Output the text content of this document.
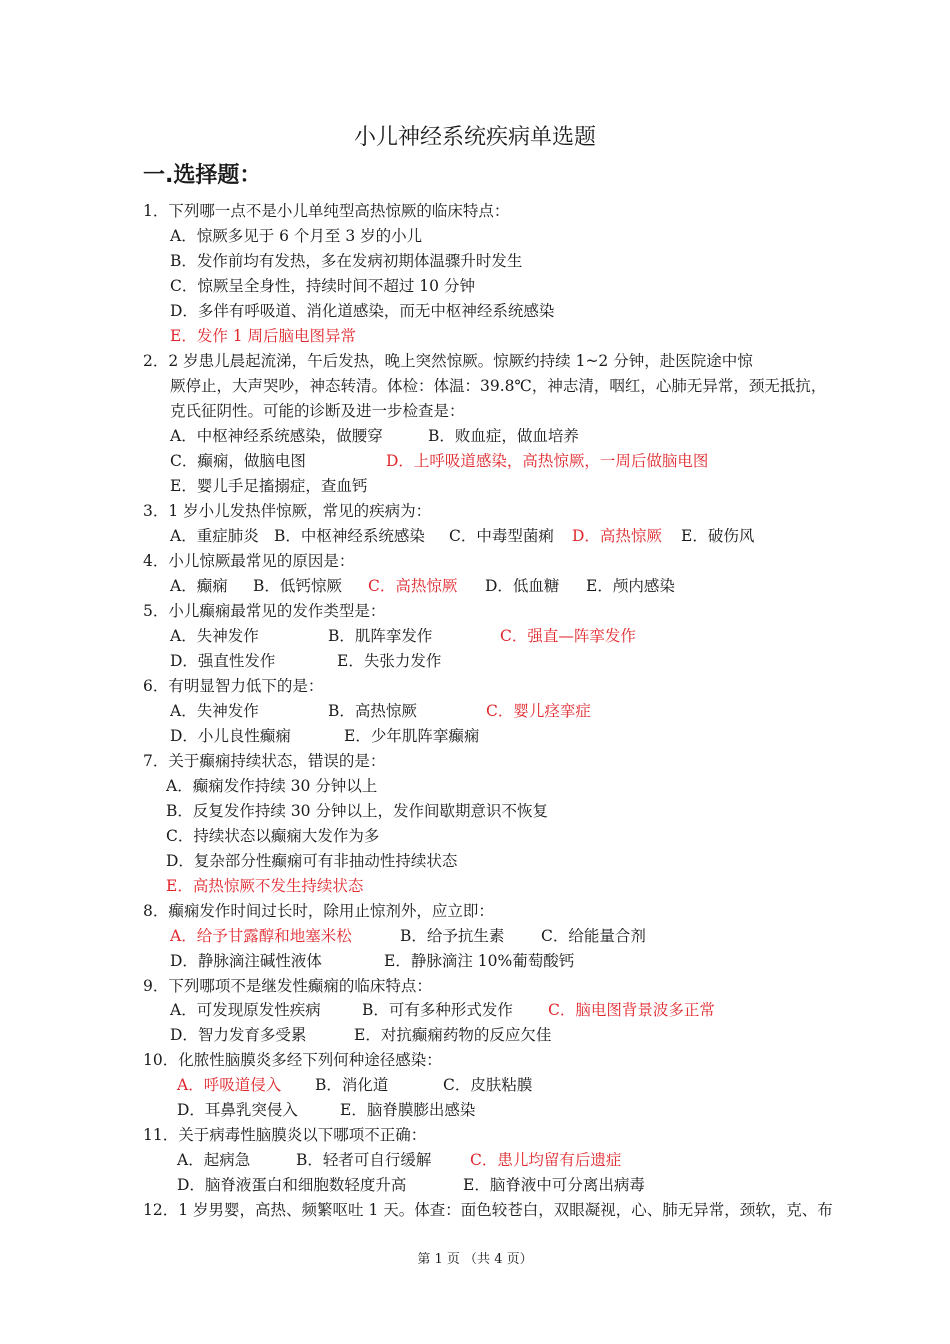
小儿神经系统疾病单选题
一.选择题：
1．下列哪一点不是小儿单纯型高热惊厥的临床特点：
A．惊厥多见于 6 个月至 3 岁的小儿
B．发作前均有发热，多在发病初期体温骤升时发生
C．惊厥呈全身性，持续时间不超过 10 分钟
D．多伴有呼吸道、消化道感染，而无中枢神经系统感染
E．发作 1 周后脑电图异常
2．2 岁患儿晨起流涕，午后发热，晚上突然惊厥。惊厥约持续 1~2 分钟，赴医院途中惊
厥停止，大声哭吵，神态转清。体检：体温：39.8℃，神志清，咽红，心肺无异常，颈无抵抗，
克氏征阴性。可能的诊断及进一步检查是：
A．中枢神经系统感染，做腰穿	B．败血症，做血培养
C．癫痫，做脑电图	D．上呼吸道感染，高热惊厥，一周后做脑电图
E．婴儿手足搐搦症，查血钙
3．1 岁小儿发热伴惊厥，常见的疾病为：
A．重症肺炎 B．中枢神经系统感染 C．中毒型菌痢 D．高热惊厥 E．破伤风
4．小儿惊厥最常见的原因是：
A．癫痫 B．低钙惊厥 C．高热惊厥 D．低血糖 E．颅内感染
5．小儿癫痫最常见的发作类型是：
A．失神发作	B．肌阵挛发作	C．强直—阵挛发作
D．强直性发作	E．失张力发作
6．有明显智力低下的是：
A．失神发作	B．高热惊厥	C．婴儿痉挛症
D．小儿良性癫痫	E．少年肌阵挛癫痫
7．关于癫痫持续状态，错误的是：
A．癫痫发作持续 30 分钟以上
B．反复发作持续 30 分钟以上，发作间歇期意识不恢复
C．持续状态以癫痫大发作为多
D．复杂部分性癫痫可有非抽动性持续状态
E．高热惊厥不发生持续状态
8．癫痫发作时间过长时，除用止惊剂外，应立即：
A．给予甘露醇和地塞米松	B．给予抗生素 C．给能量合剂
D．静脉滴注碱性液体	E．静脉滴注 10%葡萄酸钙
9．下列哪项不是继发性癫痫的临床特点：
A．可发现原发性疾病	B．可有多种形式发作 C．脑电图背景波多正常
D．智力发育多受累	E．对抗癫痫药物的反应欠佳
10．化脓性脑膜炎多经下列何种途径感染：
A．呼吸道侵入 B．消化道	C．皮肤粘膜
D．耳鼻乳突侵入	E．脑脊膜膨出感染
11．关于病毒性脑膜炎以下哪项不正确：
A．起病急	B．轻者可自行缓解 C．患儿均留有后遗症
D．脑脊液蛋白和细胞数轻度升高	E．脑脊液中可分离出病毒
12．1 岁男婴，高热、频繁呕吐 1 天。体查：面色较苍白，双眼凝视，心、肺无异常，颈软，克、布
第 1 页 （共 4 页）
